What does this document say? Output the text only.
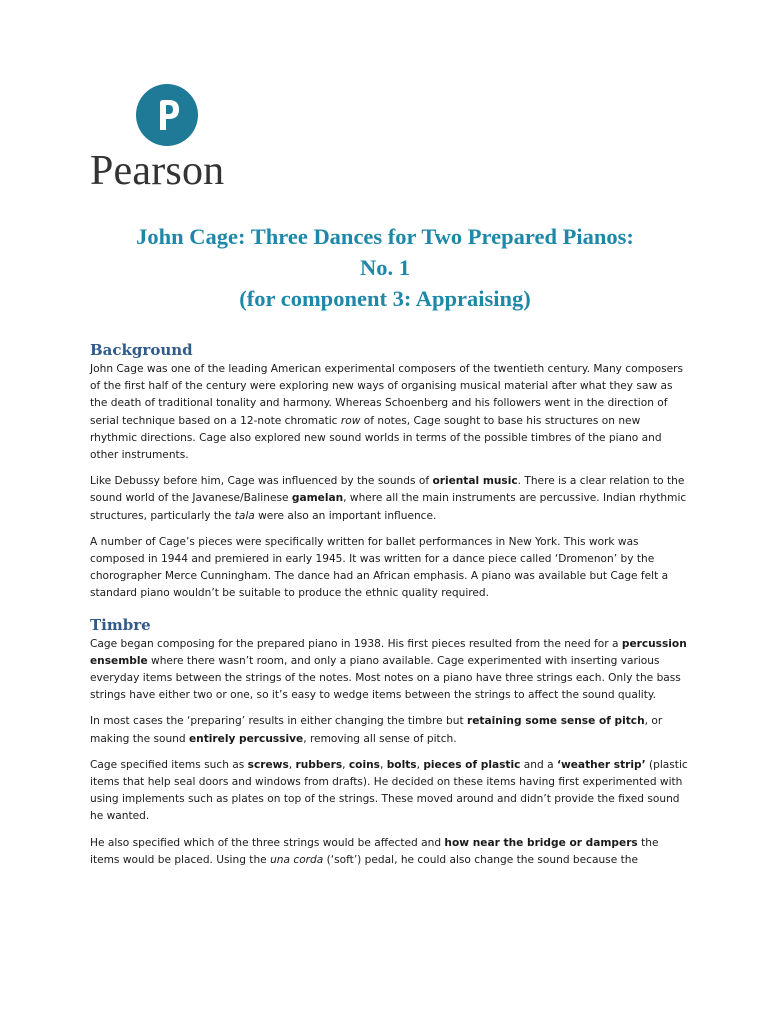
Pearson
John Cage: Three Dances for Two Prepared Pianos:
No. 1
(for component 3: Appraising)
Background

John Cage was one of the leading American experimental composers of the twentieth century. Many composers of the first half of the century were exploring new ways of organising musical material after what they saw as the death of traditional tonality and harmony. Whereas Schoenberg and his followers went in the direction of serial technique based on a 12-note chromatic row of notes, Cage sought to base his structures on new rhythmic directions. Cage also explored new sound worlds in terms of the possible timbres of the piano and other instruments.

Like Debussy before him, Cage was influenced by the sounds of oriental music. There is a clear relation to the sound world of the Javanese/Balinese gamelan, where all the main instruments are percussive. Indian rhythmic structures, particularly the tala were also an important influence.

A number of Cage’s pieces were specifically written for ballet performances in New York. This work was composed in 1944 and premiered in early 1945. It was written for a dance piece called ‘Dromenon’ by the chorographer Merce Cunningham. The dance had an African emphasis. A piano was available but Cage felt a standard piano wouldn’t be suitable to produce the ethnic quality required.

Timbre

Cage began composing for the prepared piano in 1938. His first pieces resulted from the need for a percussion ensemble where there wasn’t room, and only a piano available. Cage experimented with inserting various everyday items between the strings of the notes. Most notes on a piano have three strings each. Only the bass strings have either two or one, so it’s easy to wedge items between the strings to affect the sound quality.

In most cases the ‘preparing’ results in either changing the timbre but retaining some sense of pitch, or making the sound entirely percussive, removing all sense of pitch.

Cage specified items such as screws, rubbers, coins, bolts, pieces of plastic and a ‘weather strip’ (plastic items that help seal doors and windows from drafts). He decided on these items having first experimented with using implements such as plates on top of the strings. These moved around and didn’t provide the fixed sound he wanted.

He also specified which of the three strings would be affected and how near the bridge or dampers the items would be placed. Using the una corda (‘soft’) pedal, he could also change the sound because the
